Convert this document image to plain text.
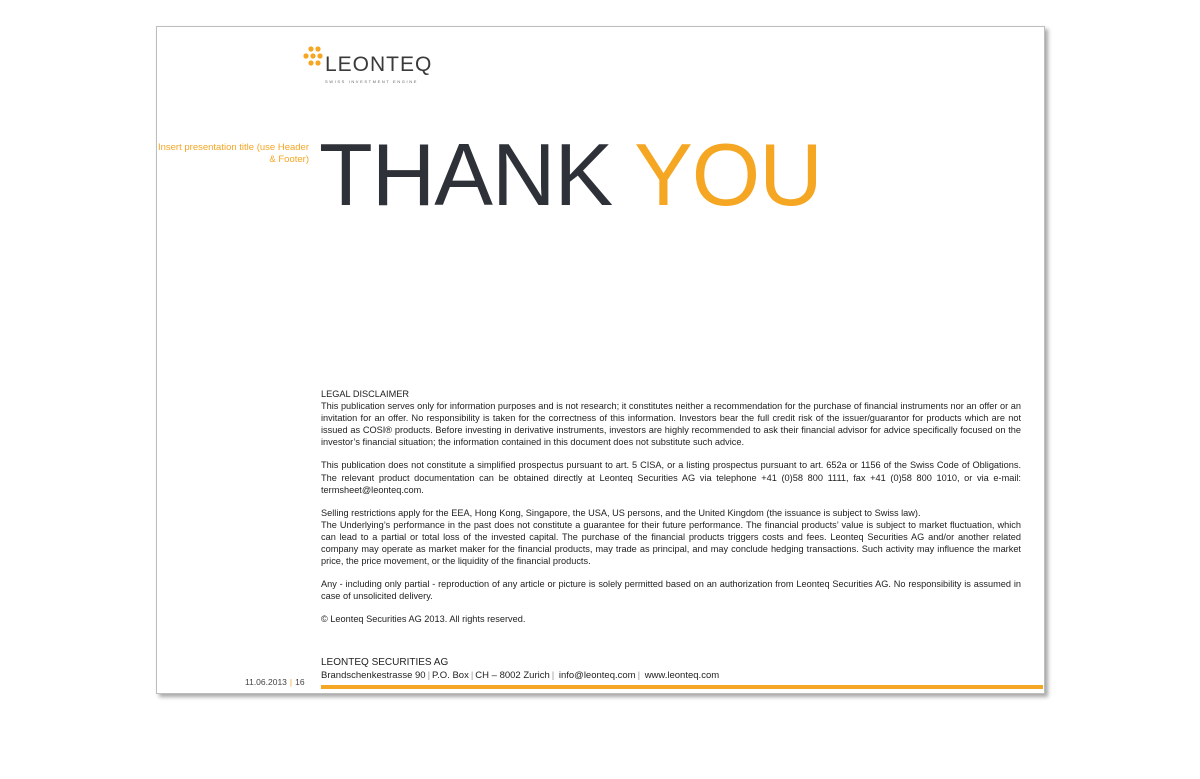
LEONTEQ
SWISS INVESTMENT ENGINE
Insert presentation title (use Header & Footer) THANK YOU

LEGAL DISCLAIMER

This publication serves only for information purposes and is not research; it constitutes neither a recommendation for the purchase of financial instruments nor an offer or an invitation for an offer. No responsibility is taken for the correctness of this information. Investors bear the full credit risk of the issuer/guarantor for products which are not issued as COSI® products. Before investing in derivative instruments, investors are highly recommended to ask their financial advisor for advice specifically focused on the investor’s financial situation; the information contained in this document does not substitute such advice.

This publication does not constitute a simplified prospectus pursuant to art. 5 CISA, or a listing prospectus pursuant to art. 652a or 1156 of the Swiss Code of Obligations. The relevant product documentation can be obtained directly at Leonteq Securities AG via telephone +41 (0)58 800 1111, fax +41 (0)58 800 1010, or via e-mail: termsheet@leonteq.com.

Selling restrictions apply for the EEA, Hong Kong, Singapore, the USA, US persons, and the United Kingdom (the issuance is subject to Swiss law).

The Underlying’s performance in the past does not constitute a guarantee for their future performance. The financial products’ value is subject to market fluctuation, which can lead to a partial or total loss of the invested capital. The purchase of the financial products triggers costs and fees. Leonteq Securities AG and/or another related company may operate as market maker for the financial products, may trade as principal, and may conclude hedging transactions. Such activity may influence the market price, the price movement, or the liquidity of the financial products.

Any - including only partial - reproduction of any article or picture is solely permitted based on an authorization from Leonteq Securities AG. No responsibility is assumed in case of unsolicited delivery.

© Leonteq Securities AG 2013. All rights reserved.

LEONTEQ SECURITIES AG
Brandschenkestrasse 90 | P.O. Box | CH – 8002 Zurich | info@leonteq.com | www.leonteq.com
11.06.2013 | 16
